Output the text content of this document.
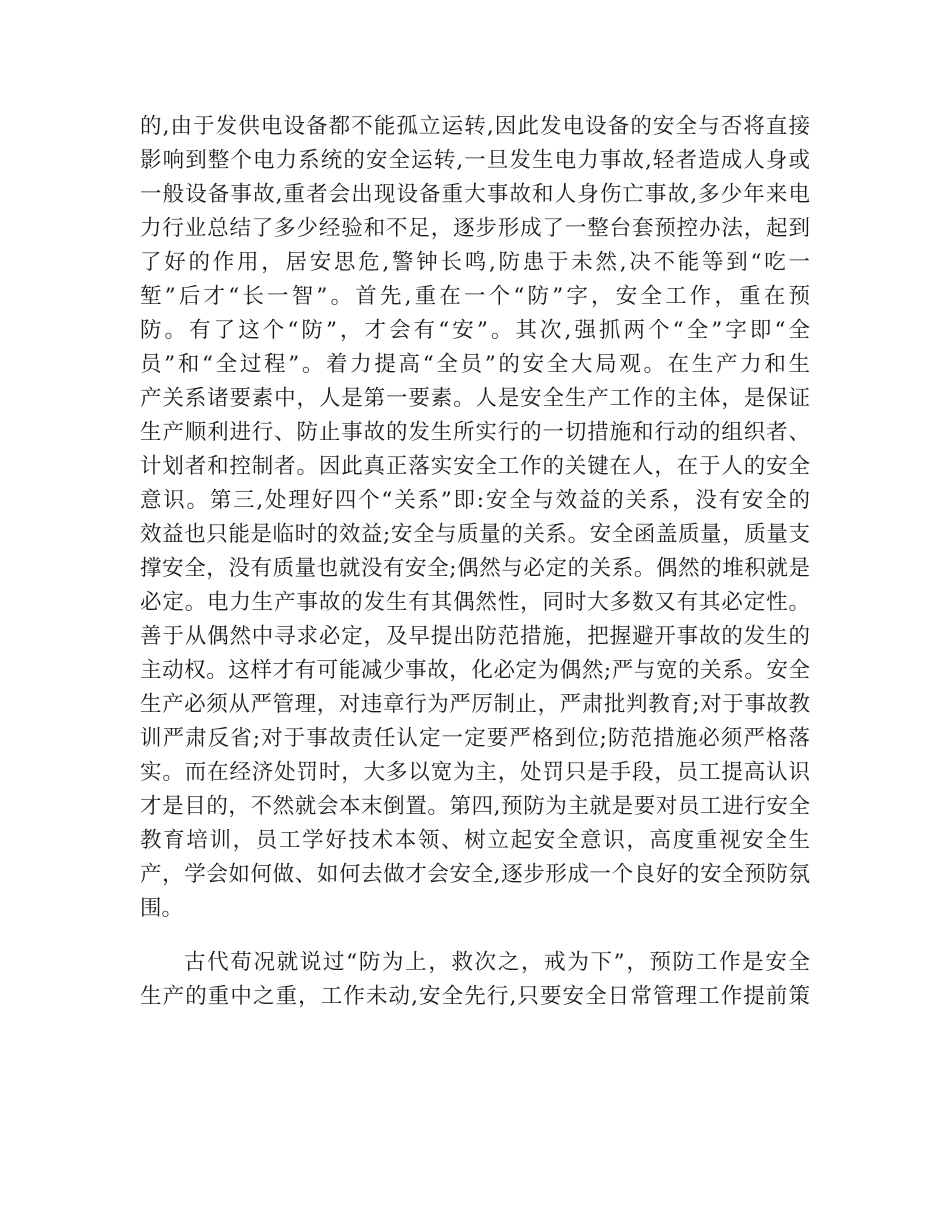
的,由于发供电设备都不能孤立运转,因此发电设备的安全与否将直接
影响到整个电力系统的安全运转,一旦发生电力事故,轻者造成人身或
一般设备事故,重者会出现设备重大事故和人身伤亡事故,多少年来电
力行业总结了多少经验和不足，逐步形成了一整台套预控办法，起到
了好的作用，居安思危,警钟长鸣,防患于未然,决不能等到“吃一
堑”后才“长一智”。首先,重在一个“防”字，安全工作，重在预
防。有了这个“防”，才会有“安”。其次,强抓两个“全”字即“全
员”和“全过程”。着力提高“全员”的安全大局观。在生产力和生
产关系诸要素中，人是第一要素。人是安全生产工作的主体，是保证
生产顺利进行、防止事故的发生所实行的一切措施和行动的组织者、
计划者和控制者。因此真正落实安全工作的关键在人，在于人的安全
意识。第三,处理好四个“关系”即:安全与效益的关系，没有安全的
效益也只能是临时的效益;安全与质量的关系。安全函盖质量，质量支
撑安全，没有质量也就没有安全;偶然与必定的关系。偶然的堆积就是
必定。电力生产事故的发生有其偶然性，同时大多数又有其必定性。
善于从偶然中寻求必定，及早提出防范措施，把握避开事故的发生的
主动权。这样才有可能减少事故，化必定为偶然;严与宽的关系。安全
生产必须从严管理，对违章行为严厉制止，严肃批判教育;对于事故教
训严肃反省;对于事故责任认定一定要严格到位;防范措施必须严格落
实。而在经济处罚时，大多以宽为主，处罚只是手段，员工提高认识
才是目的，不然就会本末倒置。第四,预防为主就是要对员工进行安全
教育培训，员工学好技术本领、树立起安全意识，高度重视安全生
产，学会如何做、如何去做才会安全,逐步形成一个良好的安全预防氛
围。
古代荀况就说过“防为上，救次之，戒为下”，预防工作是安全
生产的重中之重，工作未动,安全先行,只要安全日常管理工作提前策
